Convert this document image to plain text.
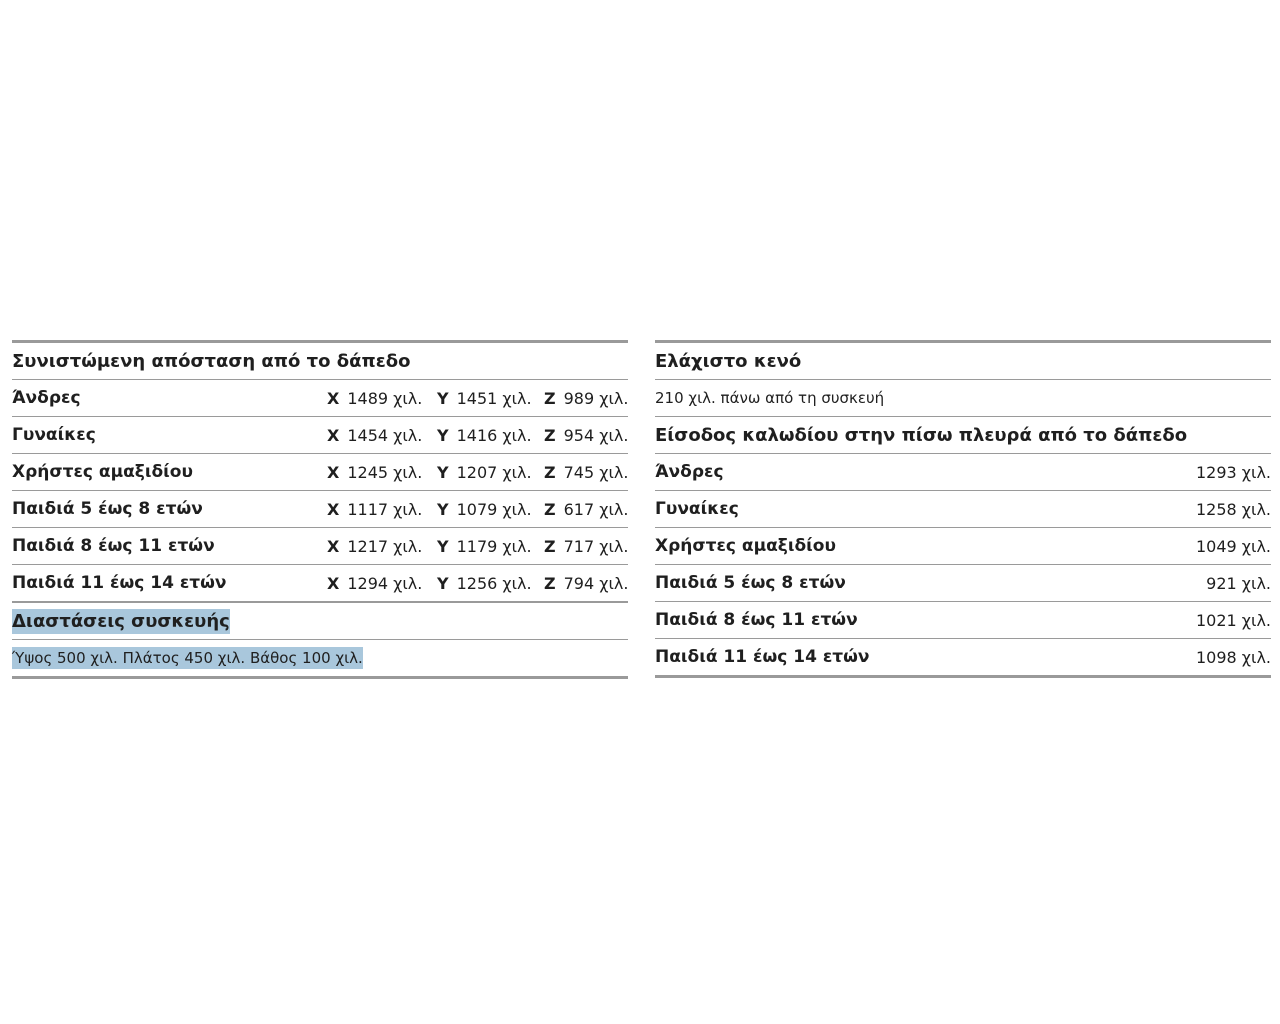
Συνιστώμενη απόσταση από το δάπεδο
Άνδρες	X 1489 χιλ. Y 1451 χιλ. Z 989 χιλ.
Γυναίκες	X 1454 χιλ. Y 1416 χιλ. Z 954 χιλ.
Χρήστες αμαξιδίου	X 1245 χιλ. Y 1207 χιλ. Z 745 χιλ.
Παιδιά 5 έως 8 ετών	X 1117 χιλ. Y 1079 χιλ. Z 617 χιλ.
Παιδιά 8 έως 11 ετών	X 1217 χιλ. Y 1179 χιλ. Z 717 χιλ.
Παιδιά 11 έως 14 ετών	X 1294 χιλ. Y 1256 χιλ. Z 794 χιλ.
Διαστάσεις συσκευής
Ύψος 500 χιλ. Πλάτος 450 χιλ. Βάθος 100 χιλ.
Ελάχιστο κενό
210 χιλ. πάνω από τη συσκευή
Είσοδος καλωδίου στην πίσω πλευρά από το δάπεδο
Άνδρες	1293 χιλ.
Γυναίκες	1258 χιλ.
Χρήστες αμαξιδίου	1049 χιλ.
Παιδιά 5 έως 8 ετών	921 χιλ.
Παιδιά 8 έως 11 ετών	1021 χιλ.
Παιδιά 11 έως 14 ετών	1098 χιλ.
